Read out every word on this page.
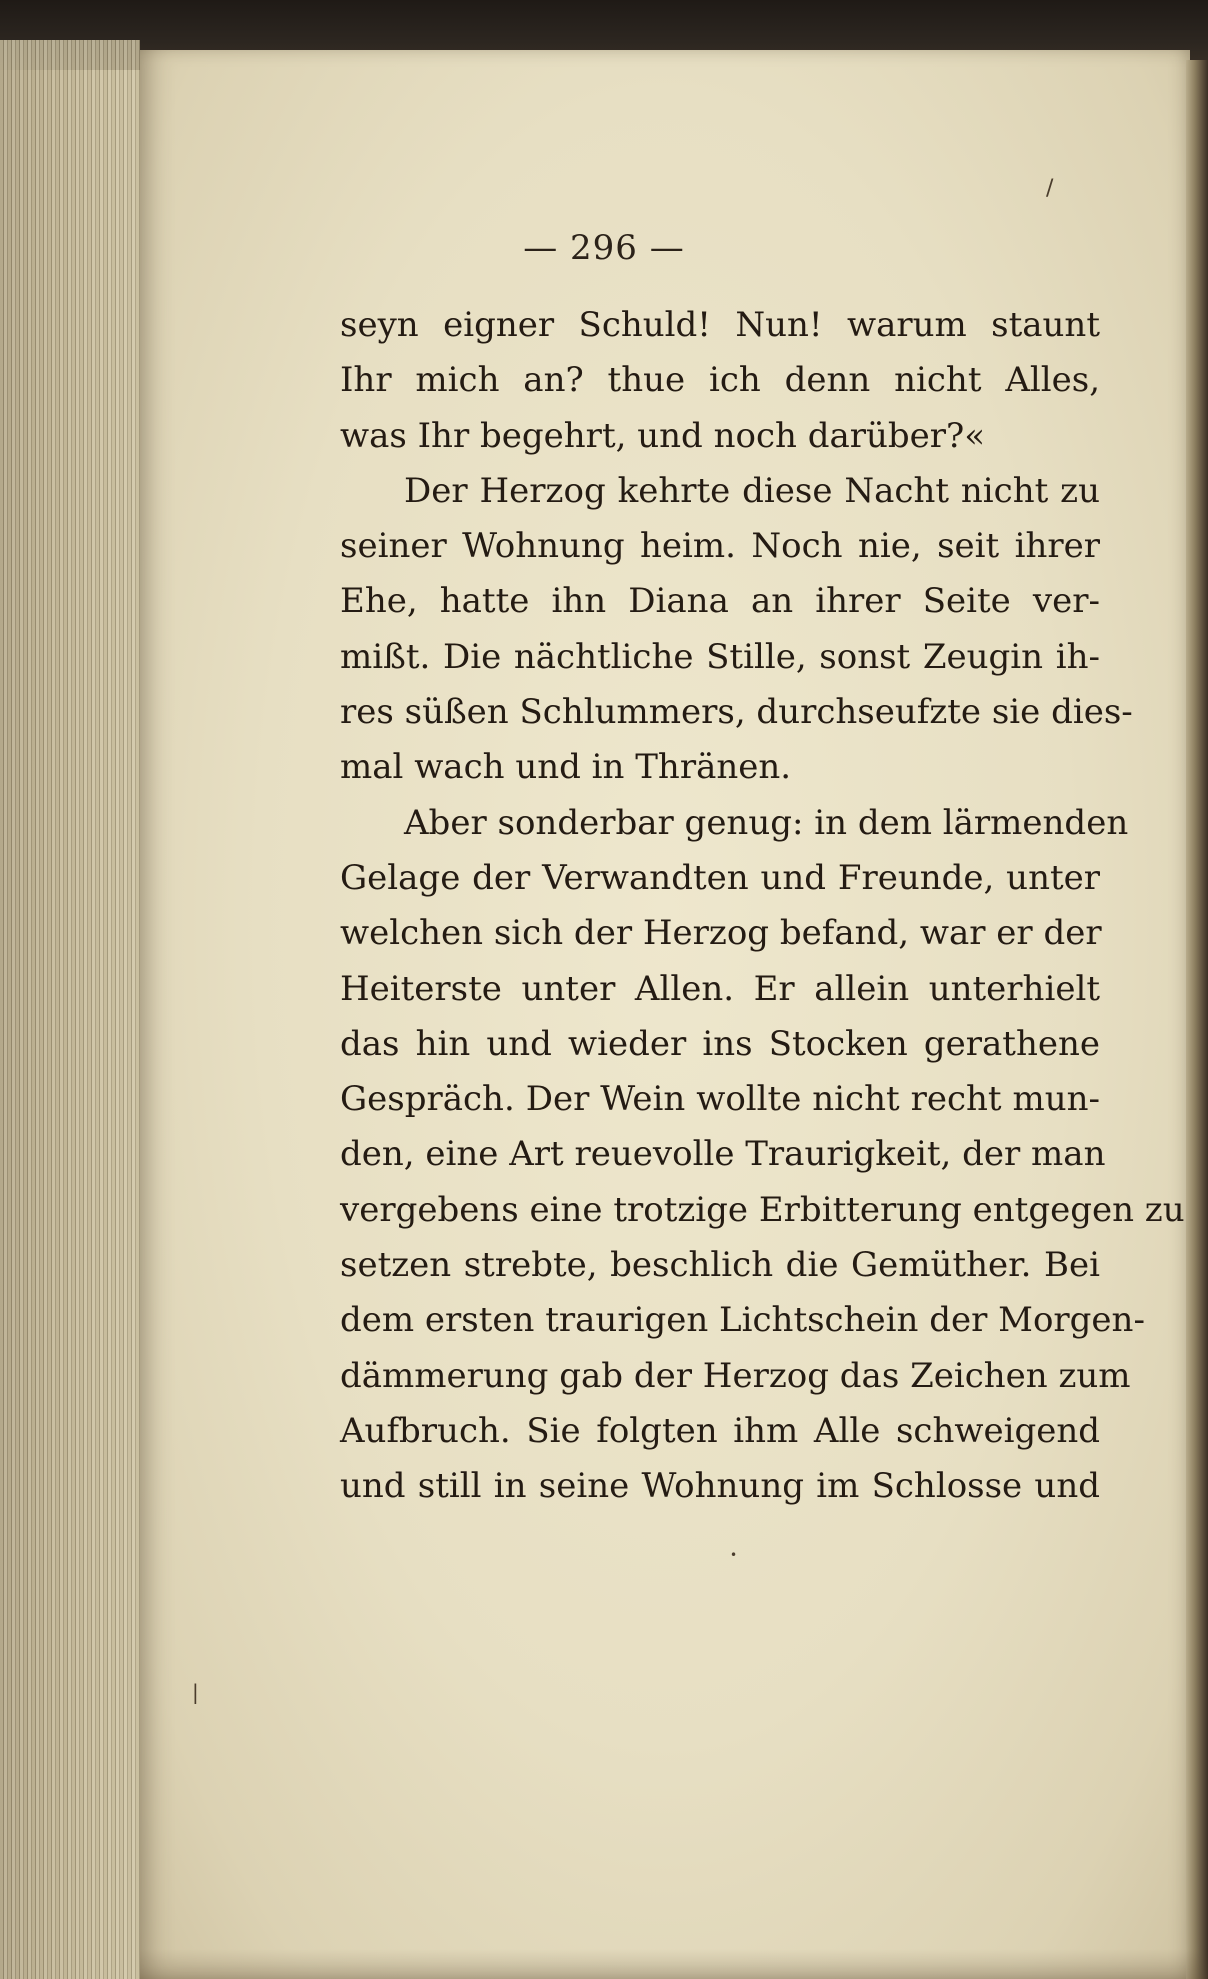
— 296 —
seyn eigner Schuld! Nun! warum staunt
Ihr mich an? thue ich denn nicht Alles,
was Ihr begehrt, und noch darüber?«
Der Herzog kehrte diese Nacht nicht zu
seiner Wohnung heim. Noch nie, seit ihrer
Ehe, hatte ihn Diana an ihrer Seite ver-
mißt. Die nächtliche Stille, sonst Zeugin ih-
res süßen Schlummers, durchseufzte sie dies-
mal wach und in Thränen.
Aber sonderbar genug: in dem lärmenden
Gelage der Verwandten und Freunde, unter
welchen sich der Herzog befand, war er der
Heiterste unter Allen. Er allein unterhielt
das hin und wieder ins Stocken gerathene
Gespräch. Der Wein wollte nicht recht mun-
den, eine Art reuevolle Traurigkeit, der man
vergebens eine trotzige Erbitterung entgegen zu
setzen strebte, beschlich die Gemüther. Bei
dem ersten traurigen Lichtschein der Morgen-
dämmerung gab der Herzog das Zeichen zum
Aufbruch. Sie folgten ihm Alle schweigend
und still in seine Wohnung im Schlosse und
/
|
•
